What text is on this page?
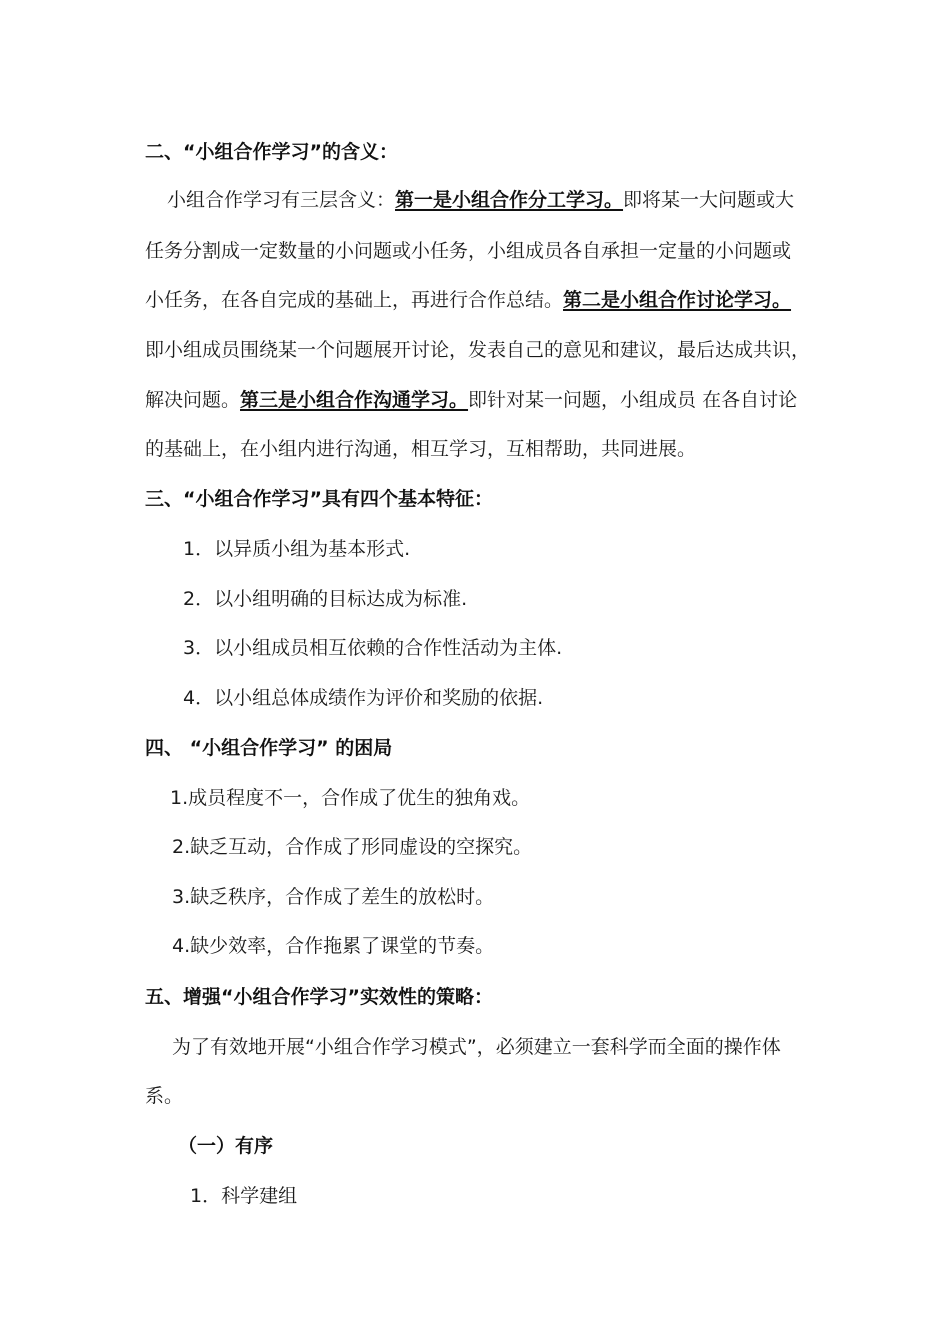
二、“小组合作学习”的含义：
小组合作学习有三层含义：第一是小组合作分工学习。即将某一大问题或大
任务分割成一定数量的小问题或小任务，小组成员各自承担一定量的小问题或
小任务，在各自完成的基础上，再进行合作总结。第二是小组合作讨论学习。
即小组成员围绕某一个问题展开讨论，发表自己的意见和建议，最后达成共识，
解决问题。第三是小组合作沟通学习。即针对某一问题，小组成员 在各自讨论
的基础上，在小组内进行沟通，相互学习，互相帮助，共同进展。
三、“小组合作学习”具有四个基本特征：
1．以异质小组为基本形式.
2．以小组明确的目标达成为标准.
3．以小组成员相互依赖的合作性活动为主体.
4．以小组总体成绩作为评价和奖励的依据.
四、 “小组合作学习” 的困局
1.成员程度不一，合作成了优生的独角戏。
2.缺乏互动，合作成了形同虚设的空探究。
3.缺乏秩序，合作成了差生的放松时。
4.缺少效率，合作拖累了课堂的节奏。
五、增强“小组合作学习”实效性的策略：
为了有效地开展“小组合作学习模式”，必须建立一套科学而全面的操作体
系。
（一）有序
1．科学建组
